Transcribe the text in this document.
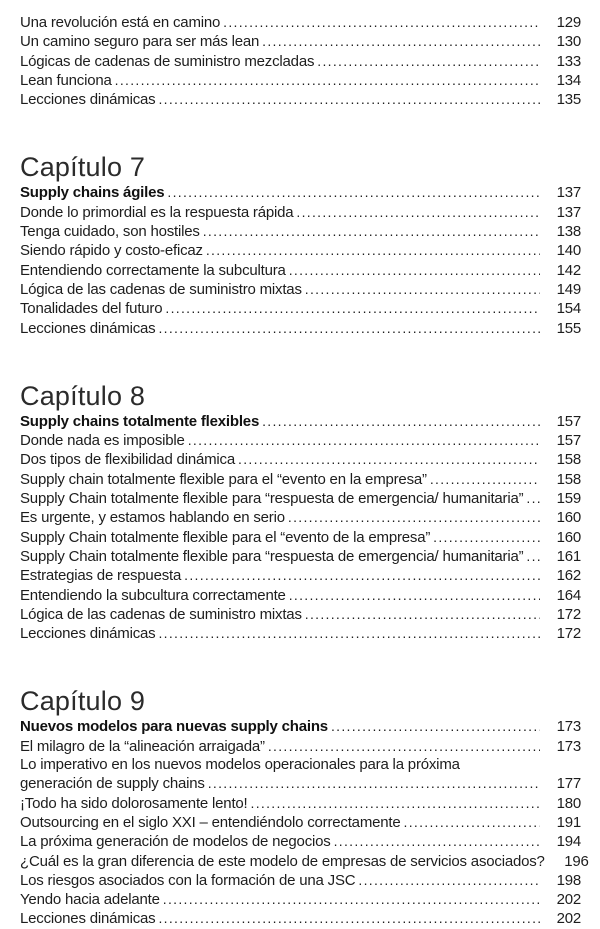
Una revolución está en camino .....	129
Un camino seguro para ser más lean .....	130
Lógicas de cadenas de suministro mezcladas .....	133
Lean funciona .....	134
Lecciones dinámicas .....	135
Capítulo 7
Supply chains ágiles .....	137
Donde lo primordial es la respuesta rápida .....	137
Tenga cuidado, son hostiles .....	138
Siendo rápido y costo-eficaz .....	140
Entendiendo correctamente la subcultura .....	142
Lógica de las cadenas de suministro mixtas .....	149
Tonalidades del futuro .....	154
Lecciones dinámicas .....	155
Capítulo 8
Supply chains totalmente flexibles .....	157
Donde nada es imposible .....	157
Dos tipos de flexibilidad dinámica .....	158
Supply chain totalmente flexible para el “evento en la empresa” .....	158
Supply Chain totalmente flexible para “respuesta de emergencia/ humanitaria” .....	159
Es urgente, y estamos hablando en serio .....	160
Supply Chain totalmente flexible para el “evento de la empresa” .....	160
Supply Chain totalmente flexible para “respuesta de emergencia/ humanitaria” .....	161
Estrategias de respuesta .....	162
Entendiendo la subcultura correctamente .....	164
Lógica de las cadenas de suministro mixtas .....	172
Lecciones dinámicas .....	172
Capítulo 9
Nuevos modelos para nuevas supply chains .....	173
El milagro de la “alineación arraigada” .....	173
Lo imperativo en los nuevos modelos operacionales para la próxima
generación de supply chains .....	177
¡Todo ha sido dolorosamente lento! .....	180
Outsourcing en el siglo XXI – entendiéndolo correctamente .....	191
La próxima generación de modelos de negocios .....	194
¿Cuál es la gran diferencia de este modelo de empresas de servicios asociados?	196
Los riesgos asociados con la formación de una JSC .....	198
Yendo hacia adelante .....	202
Lecciones dinámicas .....	202
